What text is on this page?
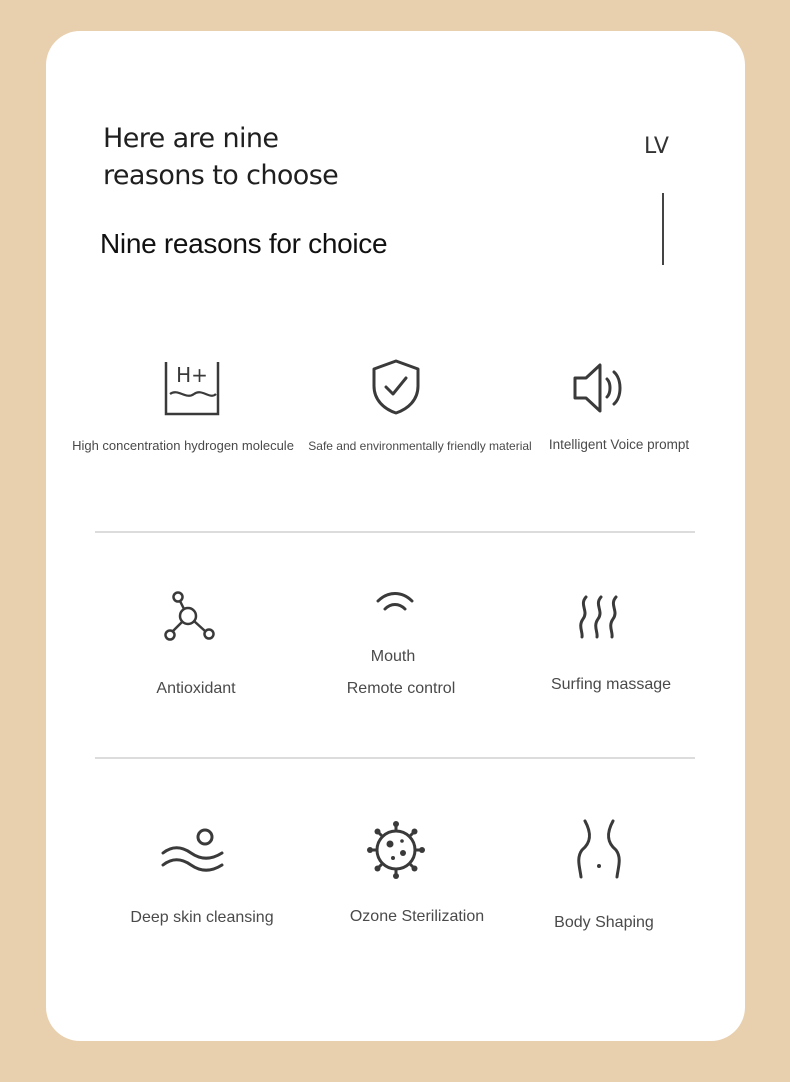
Here are nine
reasons to choose
LV
Nine reasons for choice
H+
High concentration hydrogen molecule Safe and environmentally friendly material Intelligent Voice prompt
Antioxidant
Mouth
Remote control	Surfing massage
Deep skin cleansing	Ozone Sterilization	Body Shaping
